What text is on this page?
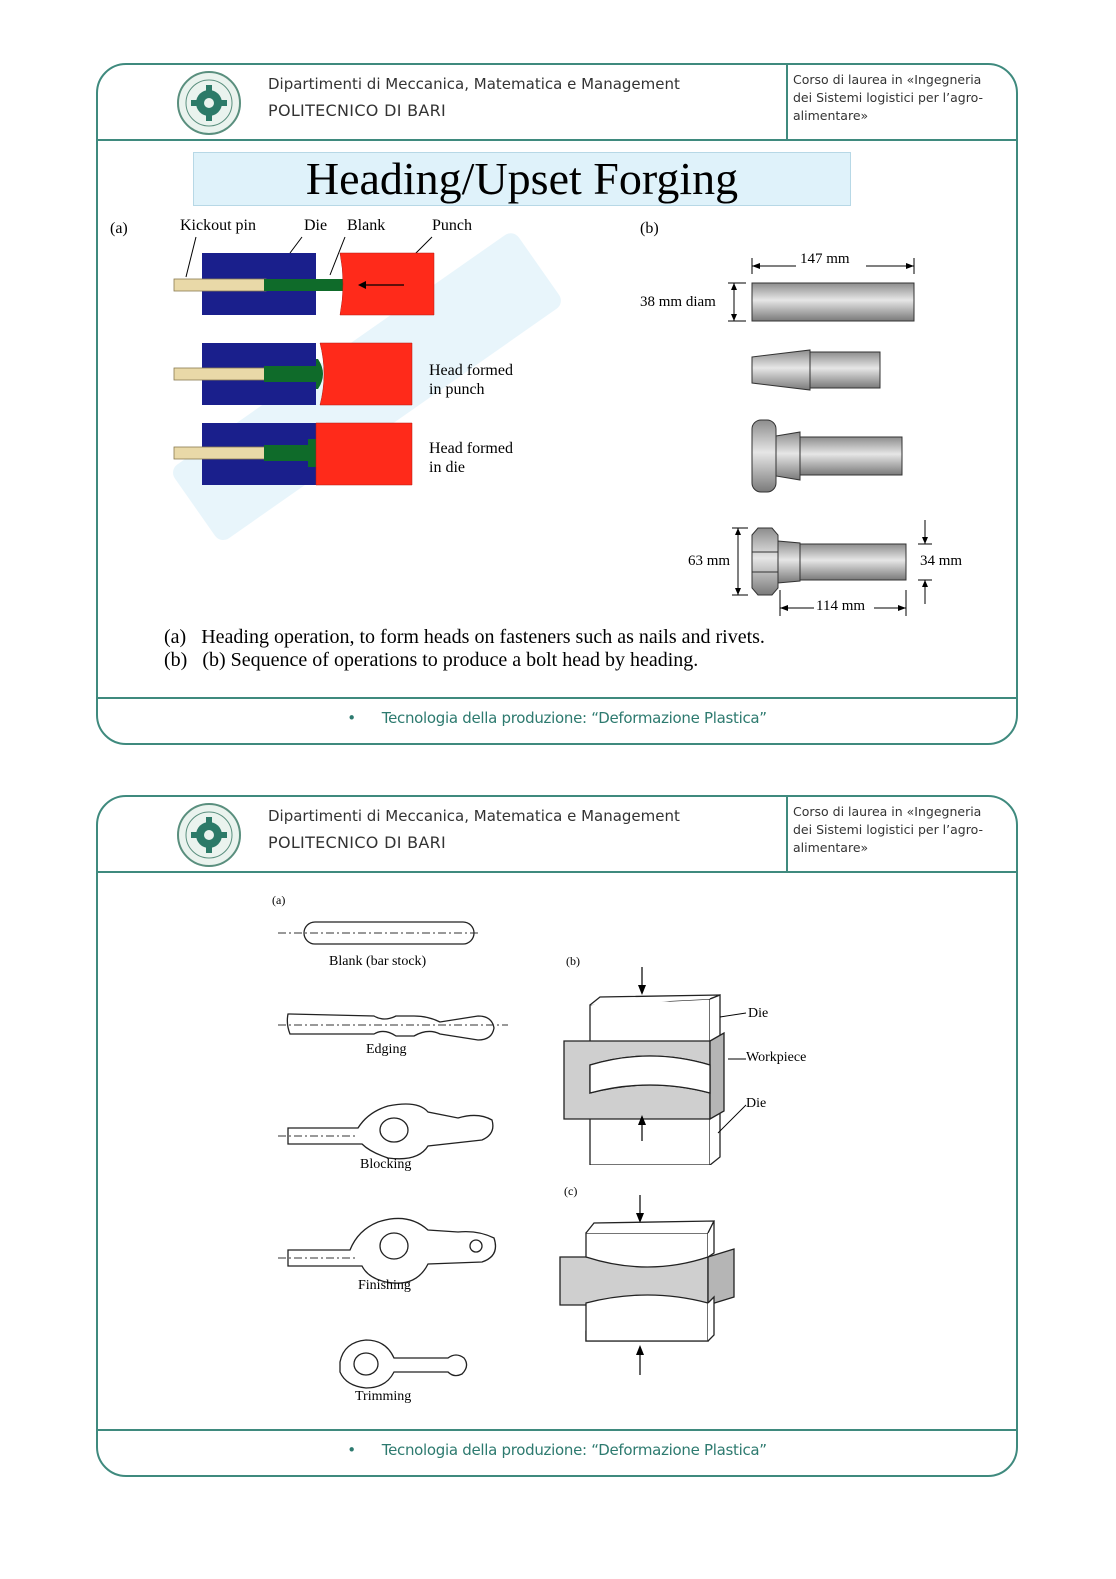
Dipartimenti di Meccanica, Matematica e Management
POLITECNICO DI BARI
Corso di laurea in «Ingegneria
dei Sistemi logistici per l’agro-
alimentare»
Heading/Upset Forging
(a)	Kickout pin	Die Blank	Punch
Head formed
in punch
Head formed
in die
(b)
147 mm
38 mm diam
63 mm	34 mm
114 mm
(a) Heading operation, to form heads on fasteners such as nails and rivets.
(b) (b) Sequence of operations to produce a bolt head by heading.
• Tecnologia della produzione: “Deformazione Plastica”
Dipartimenti di Meccanica, Matematica e Management
POLITECNICO DI BARI
Corso di laurea in «Ingegneria
dei Sistemi logistici per l’agro-
alimentare»
(a)
Blank (bar stock)
Edging
Blocking
Finishing
Trimming
(b)
Die
Workpiece
Die
(c)
• Tecnologia della produzione: “Deformazione Plastica”
